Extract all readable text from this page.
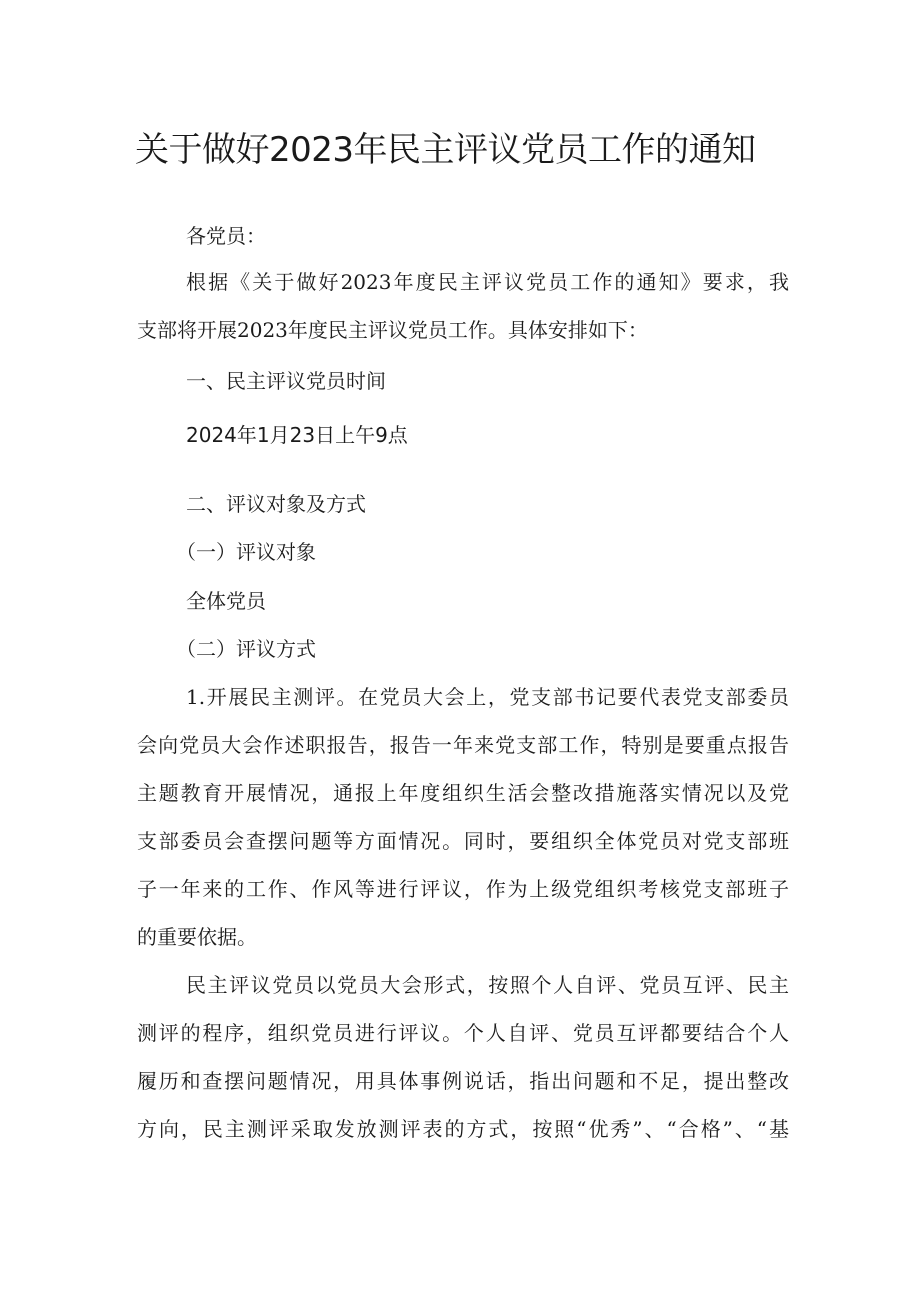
关于做好2023年民主评议党员工作的通知
各党员：
根据《关于做好2023年度民主评议党员工作的通知》要求，我
支部将开展2023年度民主评议党员工作。具体安排如下：
一、民主评议党员时间
2024年1月23日上午9点
二、评议对象及方式
（一）评议对象
全体党员
（二）评议方式
1.开展民主测评。在党员大会上，党支部书记要代表党支部委员
会向党员大会作述职报告，报告一年来党支部工作，特别是要重点报告
主题教育开展情况，通报上年度组织生活会整改措施落实情况以及党
支部委员会查摆问题等方面情况。同时，要组织全体党员对党支部班
子一年来的工作、作风等进行评议，作为上级党组织考核党支部班子
的重要依据。
民主评议党员以党员大会形式，按照个人自评、党员互评、民主
测评的程序，组织党员进行评议。个人自评、党员互评都要结合个人
履历和查摆问题情况，用具体事例说话，指出问题和不足，提出整改
方向，民主测评采取发放测评表的方式，按照“优秀”、“合格”、“基
